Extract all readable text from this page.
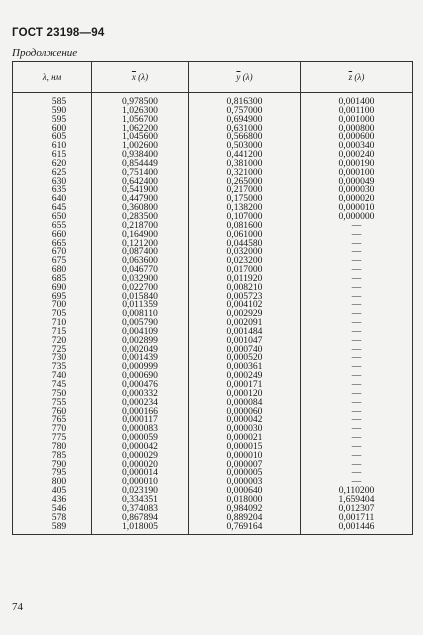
ГОСТ 23198—94
Продолжение
λ, нм	$\overline{x}$ (λ)	$\overline{y}$ (λ)	$\overline{z}$ (λ)
585	0,978500	0,816300	0,001400
590	1,026300	0,757000	0,001100
595	1,056700	0,694900	0,001000
600	1,062200	0,631000	0,000800
605	1,045600	0,566800	0,000600
610	1,002600	0,503000	0,000340
615	0,938400	0,441200	0,000240
620	0,854449	0,381000	0,000190
625	0,751400	0,321000	0,000100
630	0,642400	0,265000	0,000049
635	0,541900	0,217000	0,000030
640	0,447900	0,175000	0,000020
645	0,360800	0,138200	0,000010
650	0,283500	0,107000	0,000000
655	0,218700	0,081600	—
660	0,164900	0,061000	—
665	0,121200	0,044580	—
670	0,087400	0,032000	—
675	0,063600	0,023200	—
680	0,046770	0,017000	—
685	0,032900	0,011920	—
690	0,022700	0,008210	—
695	0,015840	0,005723	—
700	0,011359	0,004102	—
705	0,008110	0,002929	—
710	0,005790	0,002091	—
715	0,004109	0,001484	—
720	0,002899	0,001047	—
725	0,002049	0,000740	—
730	0,001439	0,000520	—
735	0,000999	0,000361	—
740	0,000690	0,000249	—
745	0,000476	0,000171	—
750	0,000332	0,000120	—
755	0,000234	0,000084	—
760	0,000166	0,000060	—
765	0,000117	0,000042	—
770	0,000083	0,000030	—
775	0,000059	0,000021	—
780	0,000042	0,000015	—
785	0,000029	0,000010	—
790	0,000020	0,000007	—
795	0,000014	0,000005	—
800	0,000010	0,000003	—
405	0,023190	0,000640	0,110200
436	0,334351	0,018000	1,659404
546	0,374083	0,984092	0,012307
578	0,867894	0,889204	0,001711
589	1,018005	0,769164	0,001446
74
